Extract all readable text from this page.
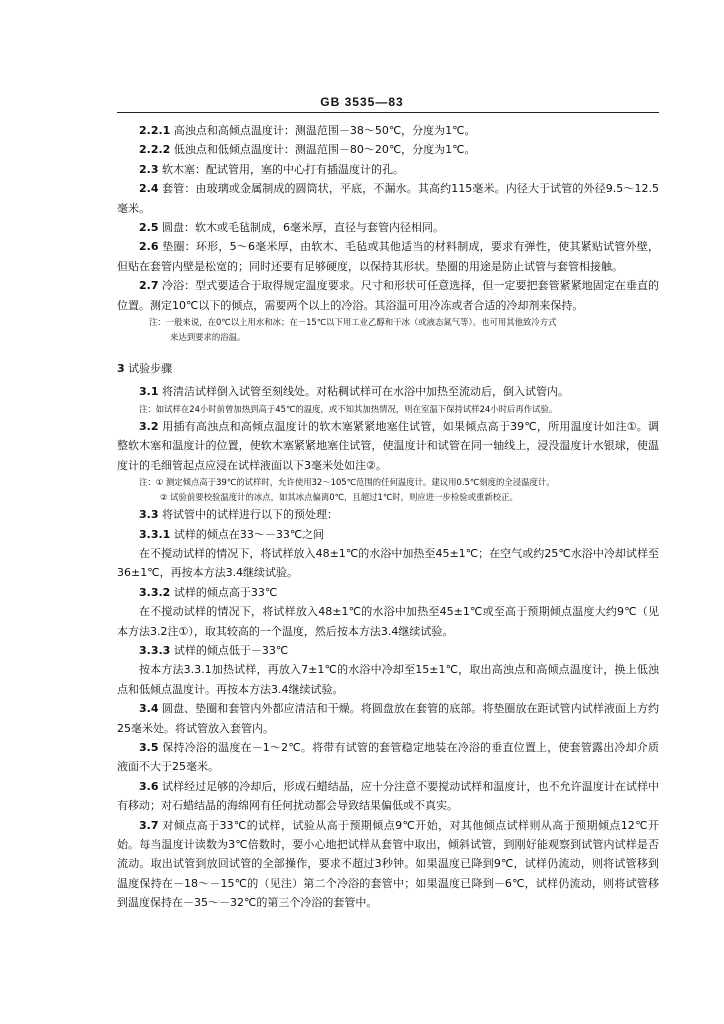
GB 3535—83

2.2.1 高浊点和高倾点温度计：测温范围－38～50℃，分度为1℃。

2.2.2 低浊点和低倾点温度计：测温范围－80～20℃，分度为1℃。

2.3 软木塞：配试管用，塞的中心打有插温度计的孔。

2.4 套管：由玻璃或金属制成的圆筒状，平底，不漏水。其高约115毫米。内径大于试管的外径9.5～12.5毫米。

2.5 圆盘：软木或毛毡制成，6毫米厚，直径与套管内径相同。

2.6 垫圈：环形，5～6毫米厚，由软木、毛毡或其他适当的材料制成，要求有弹性，使其紧贴试管外壁，但贴在套管内壁是松宽的；同时还要有足够硬度，以保持其形状。垫圈的用途是防止试管与套管相接触。

2.7 冷浴：型式要适合于取得规定温度要求。尺寸和形状可任意选择，但一定要把套管紧紧地固定在垂直的位置。测定10℃以下的倾点，需要两个以上的冷浴。其浴温可用冷冻或者合适的冷却剂来保持。

注：一般来说，在0℃以上用水和冰；在－15℃以下用工业乙醇和干冰（或液态氮气等）。也可用其他致冷方式

来达到要求的浴温。

3 试验步骤

3.1 将清洁试样倒入试管至刻线处。对粘稠试样可在水浴中加热至流动后，倒入试管内。

注：如试样在24小时前曾加热到高于45℃的温度，或不知其加热情况，则在室温下保持试样24小时后再作试验。

3.2 用插有高浊点和高倾点温度计的软木塞紧紧地塞住试管，如果倾点高于39℃，所用温度计如注①。调整软木塞和温度计的位置，使软木塞紧紧地塞住试管，使温度计和试管在同一轴线上，浸没温度计水银球，使温度计的毛细管起点应浸在试样液面以下3毫米处如注②。

注：① 测定倾点高于39℃的试样时，允许使用32～105℃范围的任何温度计。建议用0.5℃刻度的全浸温度计。

② 试验前要校验温度计的冰点，如其冰点偏离0℃，且超过1℃时，则应进一步检验或重新校正。

3.3 将试管中的试样进行以下的预处理：

3.3.1 试样的倾点在33～－33℃之间

在不搅动试样的情况下，将试样放入48±1℃的水浴中加热至45±1℃；在空气或约25℃水浴中冷却试样至36±1℃，再按本方法3.4继续试验。

3.3.2 试样的倾点高于33℃

在不搅动试样的情况下，将试样放入48±1℃的水浴中加热至45±1℃或至高于预期倾点温度大约9℃（见本方法3.2注①），取其较高的一个温度，然后按本方法3.4继续试验。

3.3.3 试样的倾点低于－33℃

按本方法3.3.1加热试样，再放入7±1℃的水浴中冷却至15±1℃，取出高浊点和高倾点温度计，换上低浊点和低倾点温度计。再按本方法3.4继续试验。

3.4 圆盘、垫圈和套管内外都应清洁和干燥。将圆盘放在套管的底部。将垫圈放在距试管内试样液面上方约25毫米处。将试管放入套管内。

3.5 保持冷浴的温度在－1～2℃。将带有试管的套管稳定地装在冷浴的垂直位置上，使套管露出冷却介质液面不大于25毫米。

3.6 试样经过足够的冷却后，形成石蜡结晶，应十分注意不要搅动试样和温度计，也不允许温度计在试样中有移动；对石蜡结晶的海绵网有任何扰动都会导致结果偏低或不真实。

3.7 对倾点高于33℃的试样，试验从高于预期倾点9℃开始，对其他倾点试样则从高于预期倾点12℃开始。每当温度计读数为3℃倍数时，要小心地把试样从套管中取出，倾斜试管，到刚好能观察到试管内试样是否流动。取出试管到放回试管的全部操作，要求不超过3秒钟。如果温度已降到9℃，试样仍流动，则将试管移到温度保持在－18～－15℃的（见注）第二个冷浴的套管中；如果温度已降到－6℃，试样仍流动，则将试管移到温度保持在－35～－32℃的第三个冷浴的套管中。
